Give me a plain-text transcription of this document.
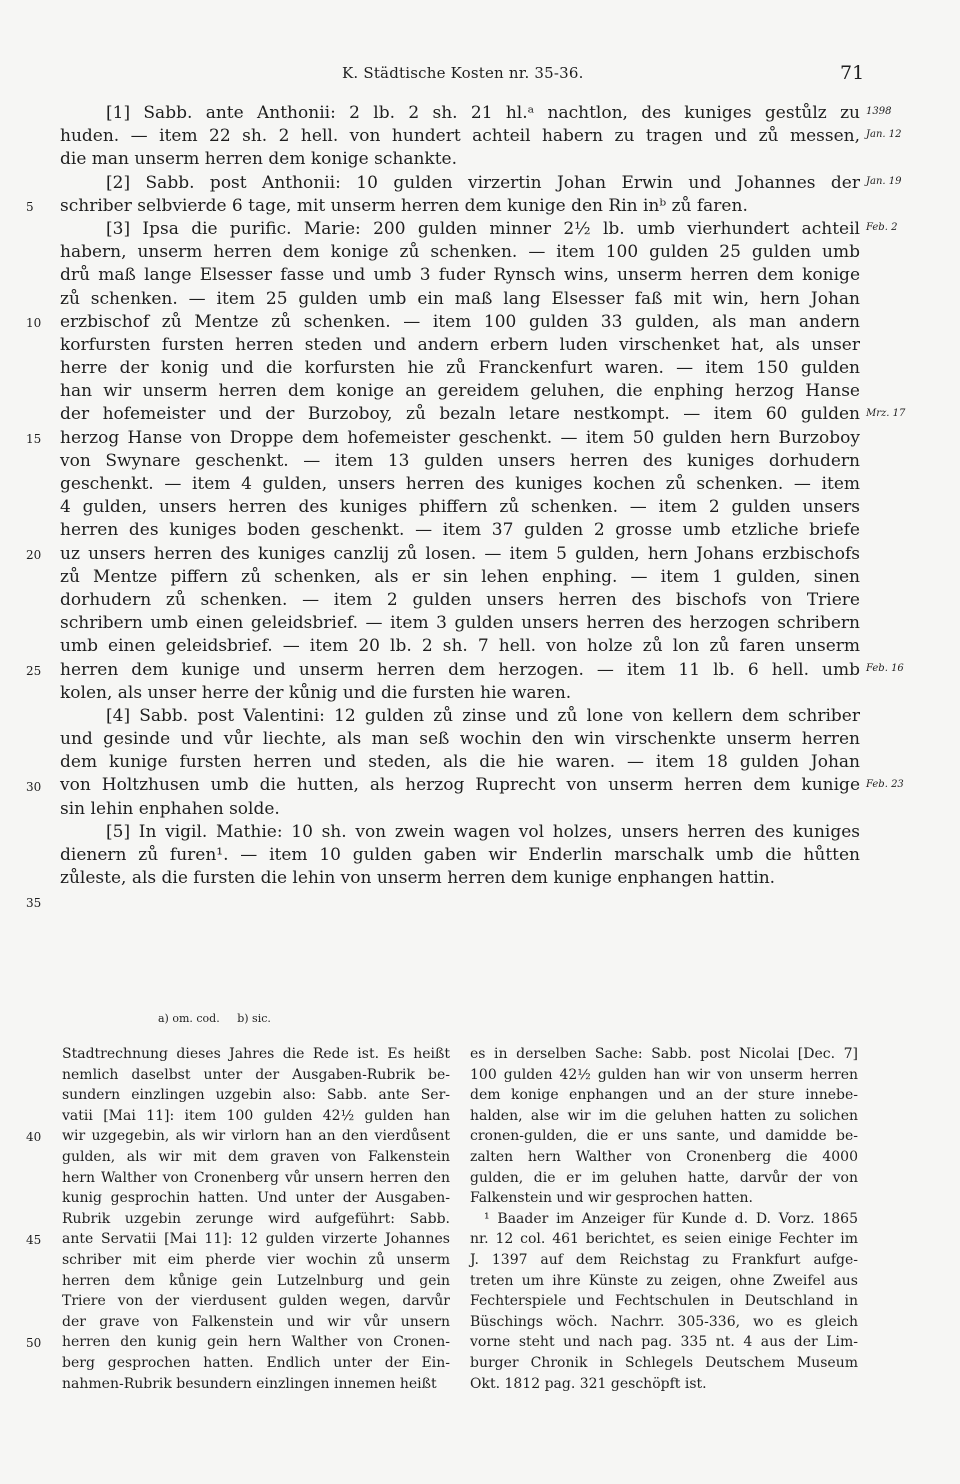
K. Städtische Kosten nr. 35-36.	71
[1] Sabb. ante Anthonii: 2 lb. 2 sh. 21 hl.ᵃ nachtlon, des kuniges gestůlz zu
huden. — item 22 sh. 2 hell. von hundert achteil habern zu tragen und zů messen,
die man unserm herren dem konige schankte.
[2] Sabb. post Anthonii: 10 gulden virzertin Johan Erwin und Johannes der
schriber selbvierde 6 tage, mit unserm herren dem kunige den Rin inᵇ zů faren.
[3] Ipsa die purific. Marie: 200 gulden minner 2½ lb. umb vierhundert achteil
habern, unserm herren dem konige zů schenken. — item 100 gulden 25 gulden umb
drů maß lange Elsesser fasse und umb 3 fuder Rynsch wins, unserm herren dem konige
zů schenken. — item 25 gulden umb ein maß lang Elsesser faß mit win, hern Johan
erzbischof zů Mentze zů schenken. — item 100 gulden 33 gulden, als man andern
korfursten fursten herren steden und andern erbern luden virschenket hat, als unser
herre der konig und die korfursten hie zů Franckenfurt waren. — item 150 gulden
han wir unserm herren dem konige an gereidem geluhen, die enphing herzog Hanse
der hofemeister und der Burzoboy, zů bezaln letare nestkompt. — item 60 gulden
herzog Hanse von Droppe dem hofemeister geschenkt. — item 50 gulden hern Burzoboy
von Swynare geschenkt. — item 13 gulden unsers herren des kuniges dorhudern
geschenkt. — item 4 gulden, unsers herren des kuniges kochen zů schenken. — item
4 gulden, unsers herren des kuniges phiffern zů schenken. — item 2 gulden unsers
herren des kuniges boden geschenkt. — item 37 gulden 2 grosse umb etzliche briefe
uz unsers herren des kuniges canzlij zů losen. — item 5 gulden, hern Johans erzbischofs
zů Mentze piffern zů schenken, als er sin lehen enphing. — item 1 gulden, sinen
dorhudern zů schenken. — item 2 gulden unsers herren des bischofs von Triere
schribern umb einen geleidsbrief. — item 3 gulden unsers herren des herzogen schribern
umb einen geleidsbrief. — item 20 lb. 2 sh. 7 hell. von holze zů lon zů faren unserm
herren dem kunige und unserm herren dem herzogen. — item 11 lb. 6 hell. umb
kolen, als unser herre der kůnig und die fursten hie waren.
[4] Sabb. post Valentini: 12 gulden zů zinse und zů lone von kellern dem schriber
und gesinde und vůr liechte, als man seß wochin den win virschenkte unserm herren
dem kunige fursten herren und steden, als die hie waren. — item 18 gulden Johan
von Holtzhusen umb die hutten, als herzog Ruprecht von unserm herren dem kunige
sin lehin enphahen solde.
[5] In vigil. Mathie: 10 sh. von zwein wagen vol holzes, unsers herren des kuniges
dienern zů furen¹. — item 10 gulden gaben wir Enderlin marschalk umb die hůtten
zůleste, als die fursten die lehin von unserm herren dem kunige enphangen hattin.
5
10
15
20
25
30
35
1398
Jan. 12
Jan. 19
Feb. 2
Mrz. 17
Feb. 16
Feb. 23
a) om. cod. b) sic.
Stadtrechnung dieses Jahres die Rede ist. Es heißt
nemlich daselbst unter der Ausgaben-Rubrik be-
sundern einzlingen uzgebin also: Sabb. ante Ser-
vatii [Mai 11]: item 100 gulden 42½ gulden han
wir uzgegebin, als wir virlorn han an den vierdůsent
gulden, als wir mit dem graven von Falkenstein
hern Walther von Cronenberg vůr unsern herren den
kunig gesprochin hatten. Und unter der Ausgaben-
Rubrik uzgebin zerunge wird aufgeführt: Sabb.
ante Servatii [Mai 11]: 12 gulden virzerte Johannes
schriber mit eim pherde vier wochin zů unserm
herren dem kůnige gein Lutzelnburg und gein
Triere von der vierdusent gulden wegen, darvůr
der grave von Falkenstein und wir vůr unsern
herren den kunig gein hern Walther von Cronen-
berg gesprochen hatten. Endlich unter der Ein-
nahmen-Rubrik besundern einzlingen innemen heißt
40
45
50
es in derselben Sache: Sabb. post Nicolai [Dec. 7]
100 gulden 42½ gulden han wir von unserm herren
dem konige enphangen und an der sture innebe-
halden, alse wir im die geluhen hatten zu solichen
cronen-gulden, die er uns sante, und damidde be-
zalten hern Walther von Cronenberg die 4000
gulden, die er im geluhen hatte, darvůr der von
Falkenstein und wir gesprochen hatten.
¹ Baader im Anzeiger für Kunde d. D. Vorz. 1865
nr. 12 col. 461 berichtet, es seien einige Fechter im
J. 1397 auf dem Reichstag zu Frankfurt aufge-
treten um ihre Künste zu zeigen, ohne Zweifel aus
Fechterspiele und Fechtschulen in Deutschland in
Büschings wöch. Nachrr. 305-336, wo es gleich
vorne steht und nach pag. 335 nt. 4 aus der Lim-
burger Chronik in Schlegels Deutschem Museum
Okt. 1812 pag. 321 geschöpft ist.
